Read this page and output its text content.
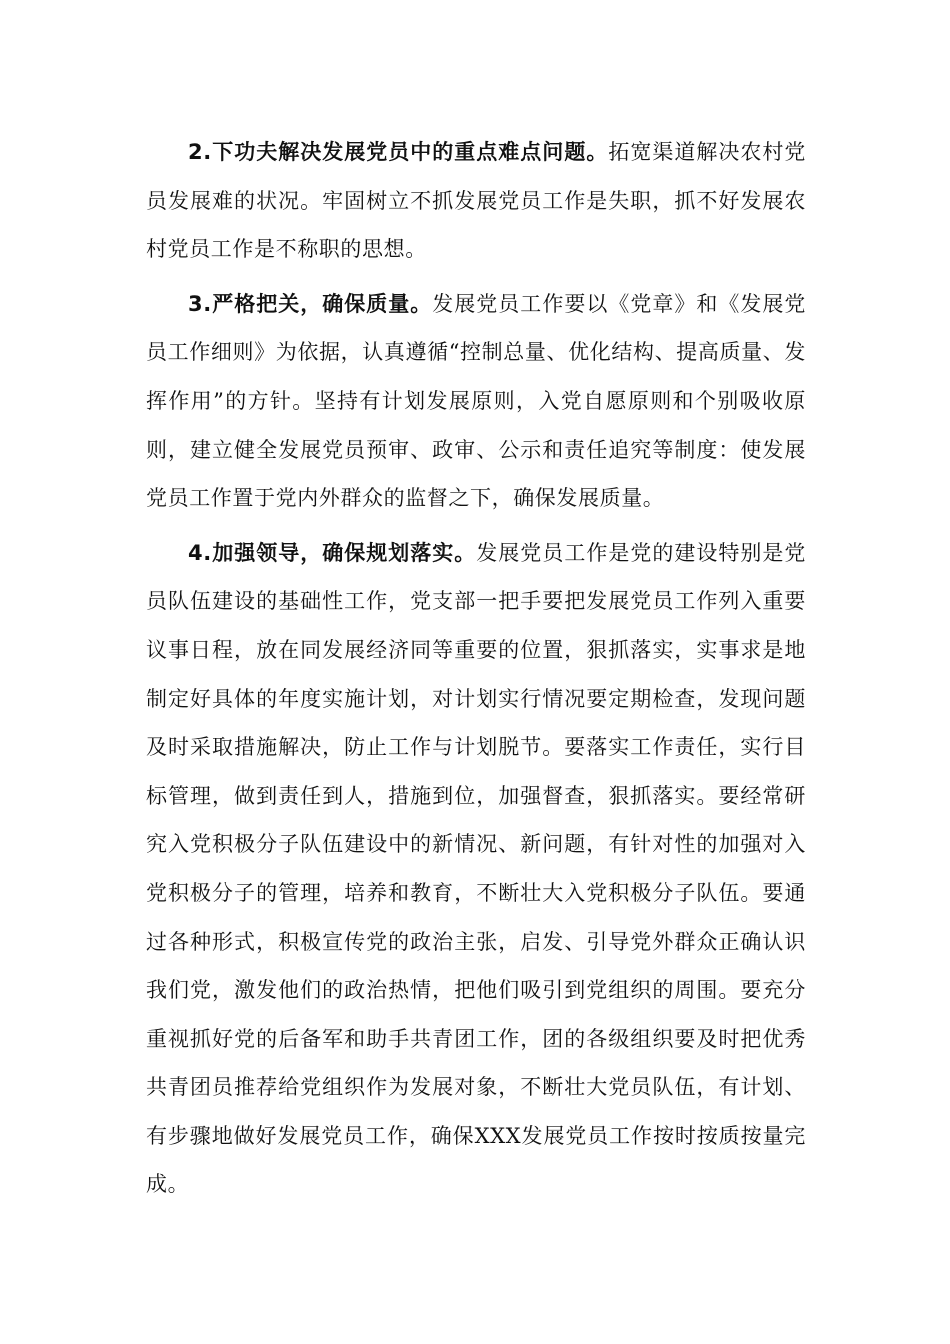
2.下功夫解决发展党员中的重点难点问题。拓宽渠道解决农村党员发展难的状况。牢固树立不抓发展党员工作是失职，抓不好发展农村党员工作是不称职的思想。

3.严格把关，确保质量。发展党员工作要以《党章》和《发展党员工作细则》为依据，认真遵循“控制总量、优化结构、提高质量、发挥作用”的方针。坚持有计划发展原则，入党自愿原则和个别吸收原则，建立健全发展党员预审、政审、公示和责任追究等制度：使发展党员工作置于党内外群众的监督之下，确保发展质量。

4.加强领导，确保规划落实。发展党员工作是党的建设特别是党员队伍建设的基础性工作，党支部一把手要把发展党员工作列入重要议事日程，放在同发展经济同等重要的位置，狠抓落实，实事求是地制定好具体的年度实施计划，对计划实行情况要定期检查，发现问题及时采取措施解决，防止工作与计划脱节。要落实工作责任，实行目标管理，做到责任到人，措施到位，加强督查，狠抓落实。要经常研究入党积极分子队伍建设中的新情况、新问题，有针对性的加强对入党积极分子的管理，培养和教育，不断壮大入党积极分子队伍。要通过各种形式，积极宣传党的政治主张，启发、引导党外群众正确认识我们党，激发他们的政治热情，把他们吸引到党组织的周围。要充分重视抓好党的后备军和助手共青团工作，团的各级组织要及时把优秀共青团员推荐给党组织作为发展对象，不断壮大党员队伍，有计划、有步骤地做好发展党员工作，确保XXX发展党员工作按时按质按量完成。
